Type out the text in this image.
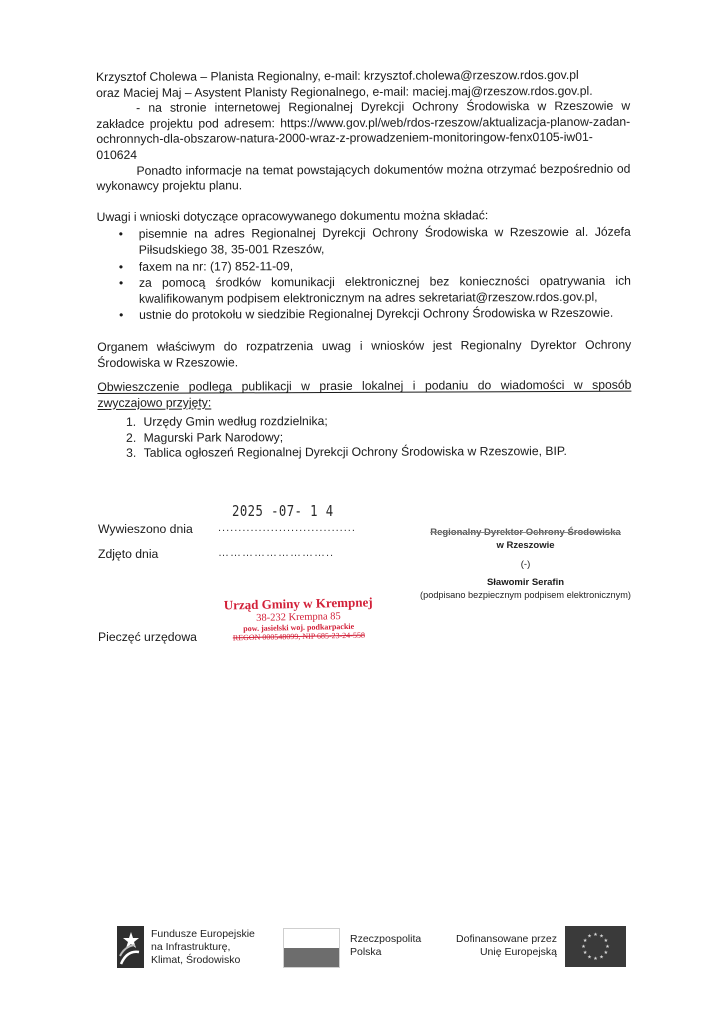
Krzysztof Cholewa – Planista Regionalny, e-mail: krzysztof.cholewa@rzeszow.rdos.gov.pl

oraz Maciej Maj – Asystent Planisty Regionalnego, e-mail: maciej.maj@rzeszow.rdos.gov.pl.

- na stronie internetowej Regionalnej Dyrekcji Ochrony Środowiska w Rzeszowie w zakładce projektu pod adresem: https://www.gov.pl/web/rdos-rzeszow/aktualizacja-planow-zadan-ochronnych-dla-obszarow-natura-2000-wraz-z-prowadzeniem-monitoringow-fenx0105-iw01-010624

Ponadto informacje na temat powstających dokumentów można otrzymać bezpośrednio od wykonawcy projektu planu.

Uwagi i wnioski dotyczące opracowywanego dokumentu można składać:

• pisemnie na adres Regionalnej Dyrekcji Ochrony Środowiska w Rzeszowie al. Józefa Piłsudskiego 38, 35-001 Rzeszów,
• faxem na nr: (17) 852-11-09,
• za pomocą środków komunikacji elektronicznej bez konieczności opatrywania ich kwalifikowanym podpisem elektronicznym na adres sekretariat@rzeszow.rdos.gov.pl,
• ustnie do protokołu w siedzibie Regionalnej Dyrekcji Ochrony Środowiska w Rzeszowie.

Organem właściwym do rozpatrzenia uwag i wniosków jest Regionalny Dyrektor Ochrony Środowiska w Rzeszowie.

Obwieszczenie podlega publikacji w prasie lokalnej i podaniu do wiadomości w sposób zwyczajowo przyjęty:

1. Urzędy Gmin według rozdzielnika;
2. Magurski Park Narodowy;
3. Tablica ogłoszeń Regionalnej Dyrekcji Ochrony Środowiska w Rzeszowie, BIP.
2025 -07- 1 4
Wywieszono dnia ..................................
Zdjęto dnia	………………………..
Pieczęć urzędowa
Urząd Gminy w Krempnej
38-232 Krempna 85
pow. jasielski woj. podkarpackie
REGON 000548099, NIP 685-23-24-558
Regionalny Dyrektor Ochrony Środowiska
w Rzeszowie
(-)
Sławomir Serafin
(podpisano bezpiecznym podpisem elektronicznym)
Fundusze Europejskie
na Infrastrukturę,
Klimat, Środowisko
Rzeczpospolita
Polska
Dofinansowane przez
Unię Europejską
★ ★
★
★
★
★
★
★
★
★
★
★
